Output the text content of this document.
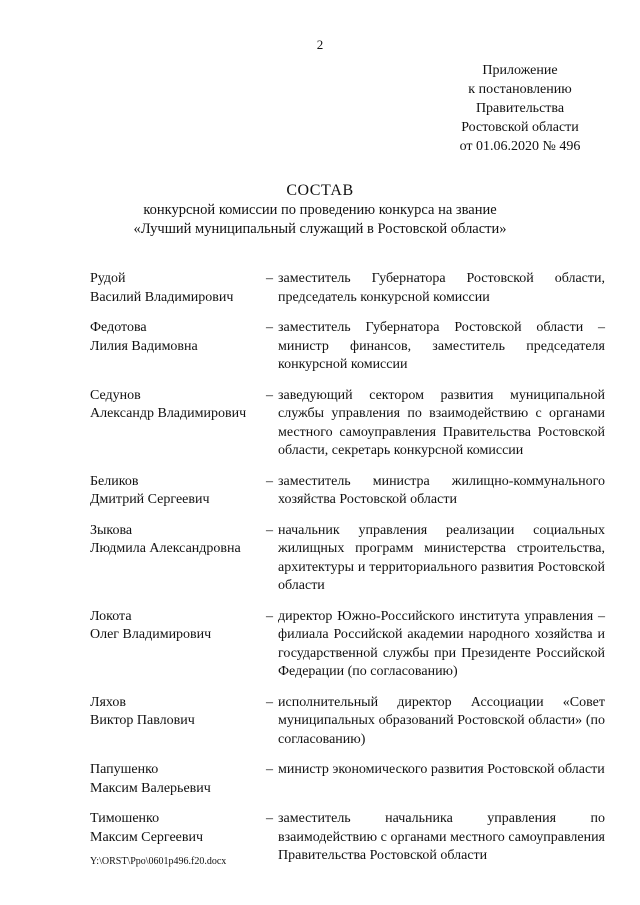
2
Приложение
к постановлению
Правительства
Ростовской области
от 01.06.2020 № 496
СОСТАВ
конкурсной комиссии по проведению конкурса на звание
«Лучший муниципальный служащий в Ростовской области»
Рудой
Василий Владимирович
– заместитель Губернатора Ростовской области, председатель конкурсной комиссии
Федотова
Лилия Вадимовна
– заместитель Губернатора Ростовской области – министр финансов, заместитель председателя конкурсной комиссии
Седунов
Александр Владимирович
– заведующий сектором развития муниципальной службы управления по взаимодействию с органами местного самоуправления Правительства Ростовской области, секретарь конкурсной комиссии
Беликов
Дмитрий Сергеевич
– заместитель министра жилищно-коммунального хозяйства Ростовской области
Зыкова
Людмила Александровна
– начальник управления реализации социальных жилищных программ министерства строительства, архитектуры и территориального развития Ростовской области
Локота
Олег Владимирович
– директор Южно-Российского института управления – филиала Российской академии народного хозяйства и государственной службы при Президенте Российской Федерации (по согласованию)
Ляхов
Виктор Павлович
– исполнительный директор Ассоциации «Совет муниципальных образований Ростовской области» (по согласованию)
Папушенко
Максим Валерьевич
– министр экономического развития Ростовской области
Тимошенко
Максим Сергеевич
– заместитель начальника управления по взаимодействию с органами местного самоуправления Правительства Ростовской области
Y:\ORST\Ppo\0601p496.f20.docx
